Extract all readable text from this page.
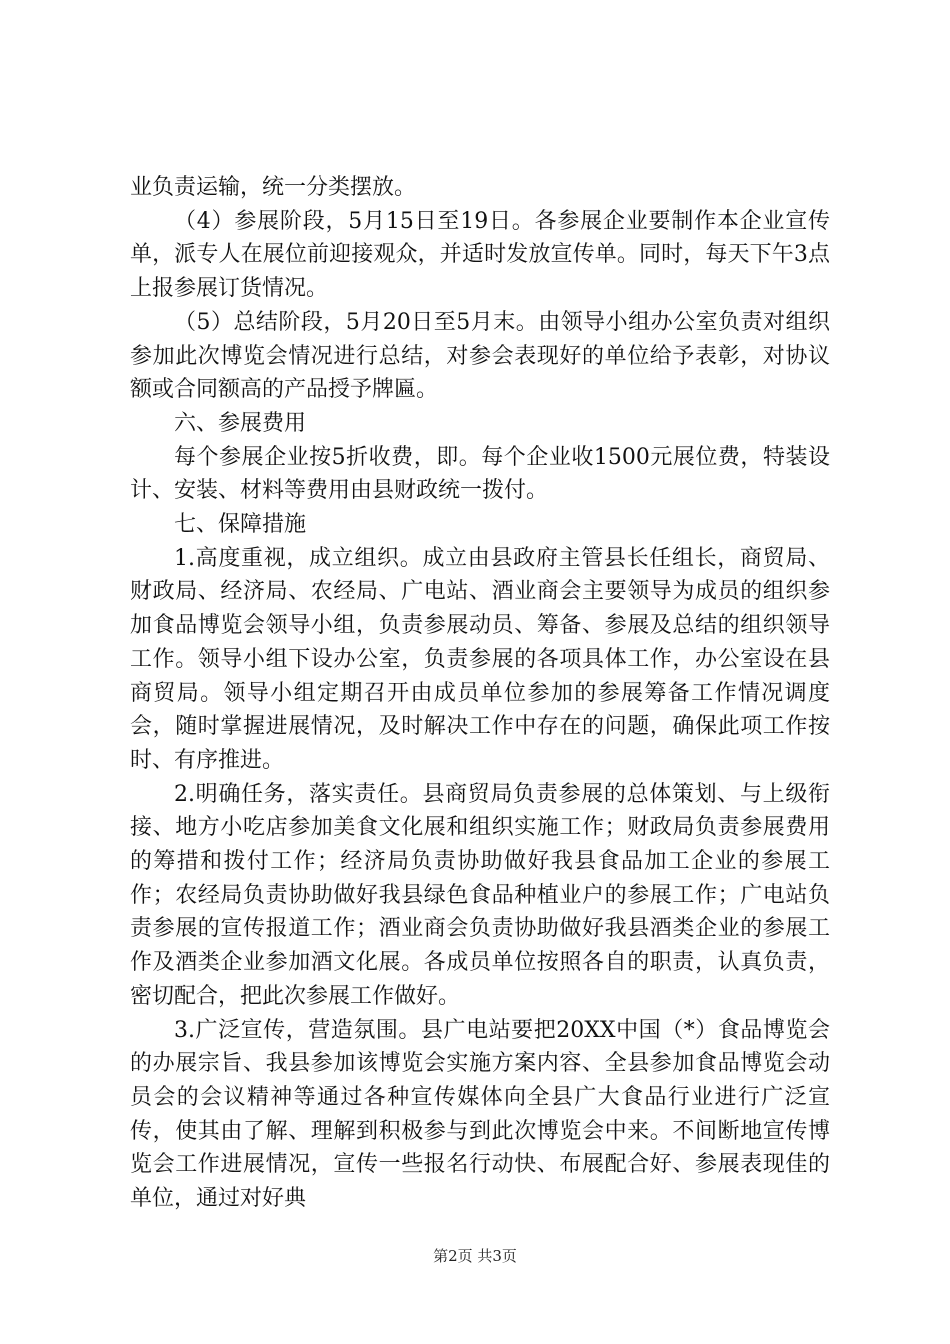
业负责运输，统一分类摆放。

（4）参展阶段，5月15日至19日。各参展企业要制作本企业宣传单，派专人在展位前迎接观众，并适时发放宣传单。同时，每天下午3点上报参展订货情况。

（5）总结阶段，5月20日至5月末。由领导小组办公室负责对组织参加此次博览会情况进行总结，对参会表现好的单位给予表彰，对协议额或合同额高的产品授予牌匾。

六、参展费用

每个参展企业按5折收费，即。每个企业收1500元展位费，特装设计、安装、材料等费用由县财政统一拨付。

七、保障措施

1.高度重视，成立组织。成立由县政府主管县长任组长，商贸局、财政局、经济局、农经局、广电站、酒业商会主要领导为成员的组织参加食品博览会领导小组，负责参展动员、筹备、参展及总结的组织领导工作。领导小组下设办公室，负责参展的各项具体工作，办公室设在县商贸局。领导小组定期召开由成员单位参加的参展筹备工作情况调度会，随时掌握进展情况，及时解决工作中存在的问题，确保此项工作按时、有序推进。

2.明确任务，落实责任。县商贸局负责参展的总体策划、与上级衔接、地方小吃店参加美食文化展和组织实施工作；财政局负责参展费用的筹措和拨付工作；经济局负责协助做好我县食品加工企业的参展工作；农经局负责协助做好我县绿色食品种植业户的参展工作；广电站负责参展的宣传报道工作；酒业商会负责协助做好我县酒类企业的参展工作及酒类企业参加酒文化展。各成员单位按照各自的职责，认真负责，密切配合，把此次参展工作做好。

3.广泛宣传，营造氛围。县广电站要把20XX中国（*）食品博览会的办展宗旨、我县参加该博览会实施方案内容、全县参加食品博览会动员会的会议精神等通过各种宣传媒体向全县广大食品行业进行广泛宣传，使其由了解、理解到积极参与到此次博览会中来。不间断地宣传博览会工作进展情况，宣传一些报名行动快、布展配合好、参展表现佳的单位，通过对好典

第2页 共3页
